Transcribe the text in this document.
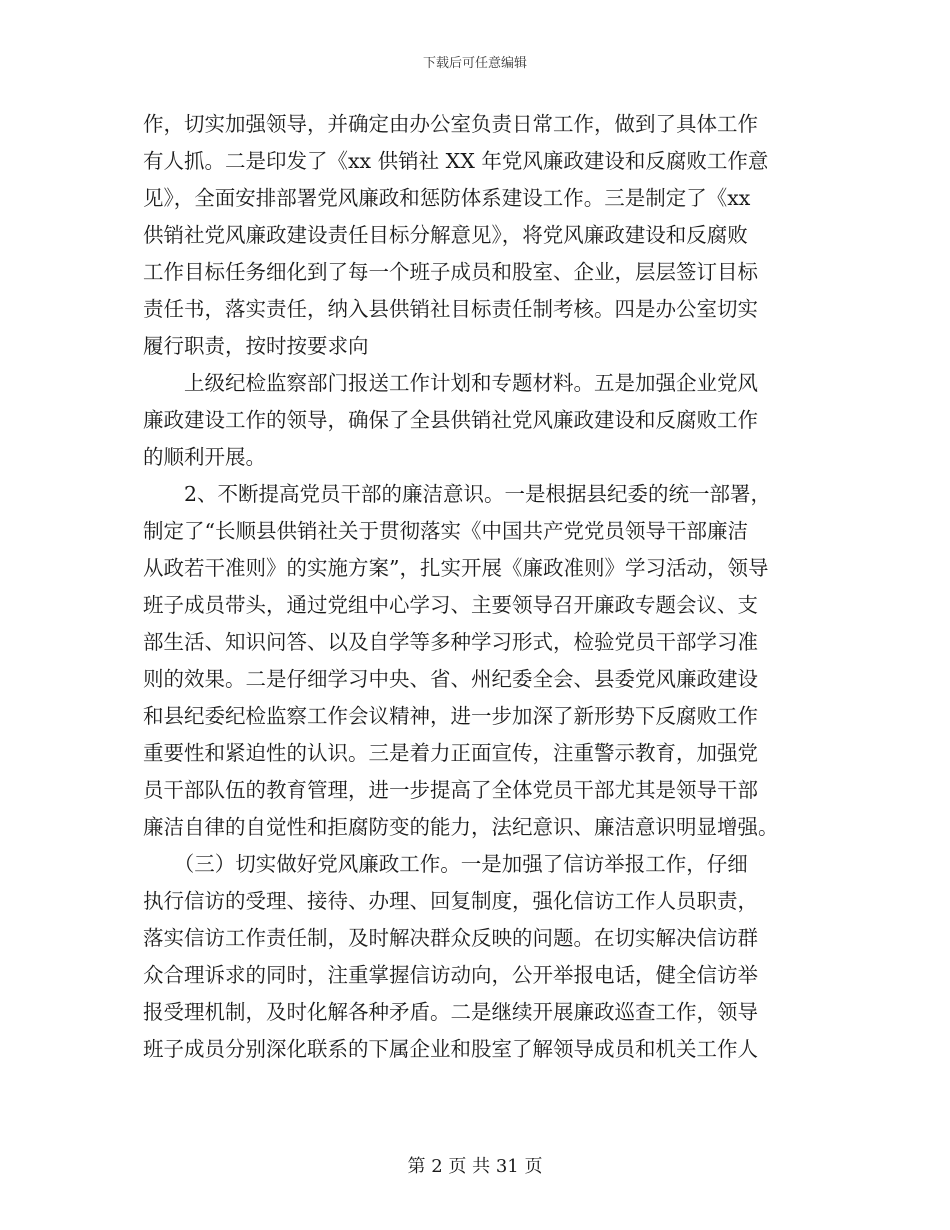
下载后可任意编辑
作，切实加强领导，并确定由办公室负责日常工作，做到了具体工作
有人抓。二是印发了《xx 供销社 XX 年党风廉政建设和反腐败工作意
见》，全面安排部署党风廉政和惩防体系建设工作。三是制定了《xx
供销社党风廉政建设责任目标分解意见》，将党风廉政建设和反腐败
工作目标任务细化到了每一个班子成员和股室、企业，层层签订目标
责任书，落实责任，纳入县供销社目标责任制考核。四是办公室切实
履行职责，按时按要求向
　　上级纪检监察部门报送工作计划和专题材料。五是加强企业党风
廉政建设工作的领导，确保了全县供销社党风廉政建设和反腐败工作
的顺利开展。
　　2、不断提高党员干部的廉洁意识。一是根据县纪委的统一部署，
制定了“长顺县供销社关于贯彻落实《中国共产党党员领导干部廉洁
从政若干准则》的实施方案”，扎实开展《廉政准则》学习活动，领导
班子成员带头，通过党组中心学习、主要领导召开廉政专题会议、支
部生活、知识问答、以及自学等多种学习形式，检验党员干部学习准
则的效果。二是仔细学习中央、省、州纪委全会、县委党风廉政建设
和县纪委纪检监察工作会议精神，进一步加深了新形势下反腐败工作
重要性和紧迫性的认识。三是着力正面宣传，注重警示教育，加强党
员干部队伍的教育管理，进一步提高了全体党员干部尤其是领导干部
廉洁自律的自觉性和拒腐防变的能力，法纪意识、廉洁意识明显增强。
　　（三）切实做好党风廉政工作。一是加强了信访举报工作，仔细
执行信访的受理、接待、办理、回复制度，强化信访工作人员职责，
落实信访工作责任制，及时解决群众反映的问题。在切实解决信访群
众合理诉求的同时，注重掌握信访动向，公开举报电话，健全信访举
报受理机制，及时化解各种矛盾。二是继续开展廉政巡查工作，领导
班子成员分别深化联系的下属企业和股室了解领导成员和机关工作人
第 2 页 共 31 页
